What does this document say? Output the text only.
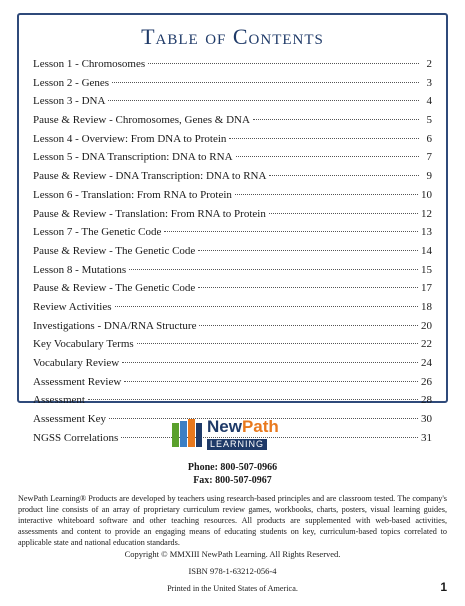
Table of Contents
Lesson 1 - Chromosomes	2
Lesson 2 - Genes	3
Lesson 3 - DNA	4
Pause & Review - Chromosomes, Genes & DNA	5
Lesson 4 - Overview: From DNA to Protein	6
Lesson 5 - DNA Transcription: DNA to RNA	7
Pause & Review - DNA Transcription: DNA to RNA	9
Lesson 6 - Translation: From RNA to Protein	10
Pause & Review - Translation: From RNA to Protein	12
Lesson 7 - The Genetic Code	13
Pause & Review - The Genetic Code	14
Lesson 8 - Mutations	15
Pause & Review - The Genetic Code	17
Review Activities	18
Investigations - DNA/RNA Structure	20
Key Vocabulary Terms	22
Vocabulary Review	24
Assessment Review	26
Assessment	28
Assessment Key	30
NGSS Correlations	31
NewPath
LEARNING
Phone: 800-507-0966
Fax: 800-507-0967

NewPath Learning® Products are developed by teachers using research-based principles and are classroom tested. The company's product line consists of an array of proprietary curriculum review games, workbooks, charts, posters, visual learning guides, interactive whiteboard software and other teaching resources. All products are supplemented with web-based activities, assessments and content to provide an engaging means of educating students on key, curriculum-based topics correlated to applicable state and national education standards.

Copyright © MMXIII NewPath Learning. All Rights Reserved.

ISBN 978-1-63212-056-4

Printed in the United States of America.	1
